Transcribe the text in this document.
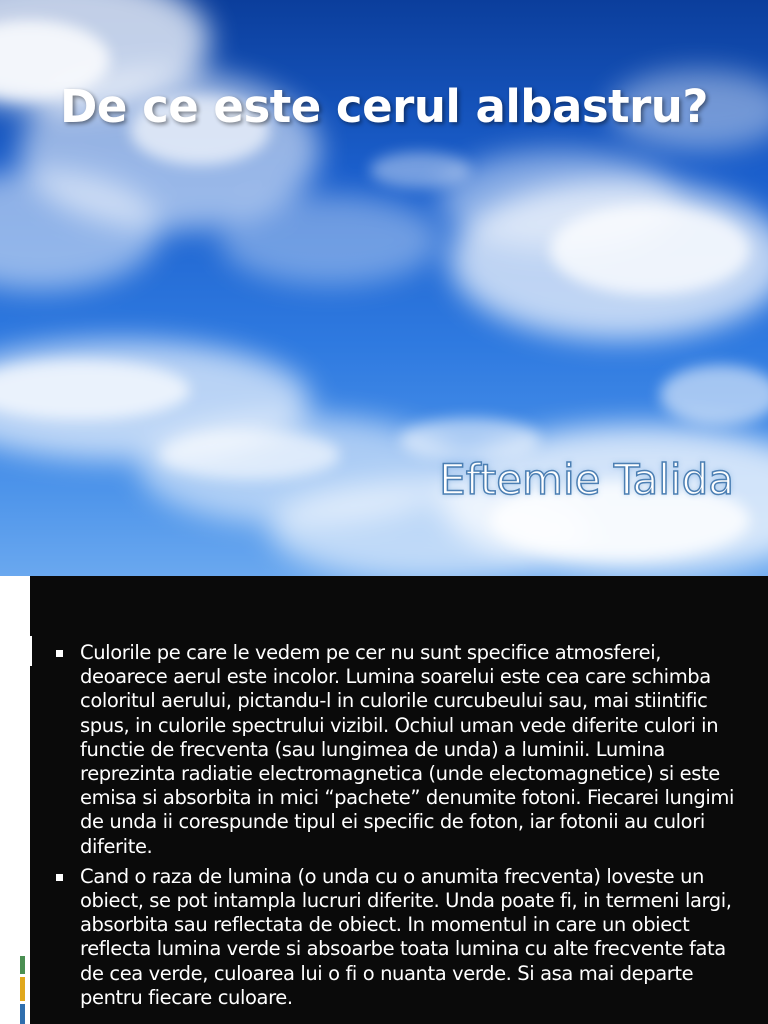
De ce este cerul albastru?
Eftemie Talida
Culorile pe care le vedem pe cer nu sunt specifice atmosferei, deoarece aerul este incolor. Lumina soarelui este cea care schimba coloritul aerului, pictandu-l in culorile curcubeului sau, mai stiintific spus, in culorile spectrului vizibil. Ochiul uman vede diferite culori in functie de frecventa (sau lungimea de unda) a luminii. Lumina reprezinta radiatie electromagnetica (unde electomagnetice) si este emisa si absorbita in mici “pachete” denumite fotoni. Fiecarei lungimi de unda ii corespunde tipul ei specific de foton, iar fotonii au culori diferite.
Cand o raza de lumina (o unda cu o anumita frecventa) loveste un obiect, se pot intampla lucruri diferite. Unda poate fi, in termeni largi, absorbita sau reflectata de obiect. In momentul in care un obiect reflecta lumina verde si absoarbe toata lumina cu alte frecvente fata de cea verde, culoarea lui o fi o nuanta verde. Si asa mai departe pentru fiecare culoare.
